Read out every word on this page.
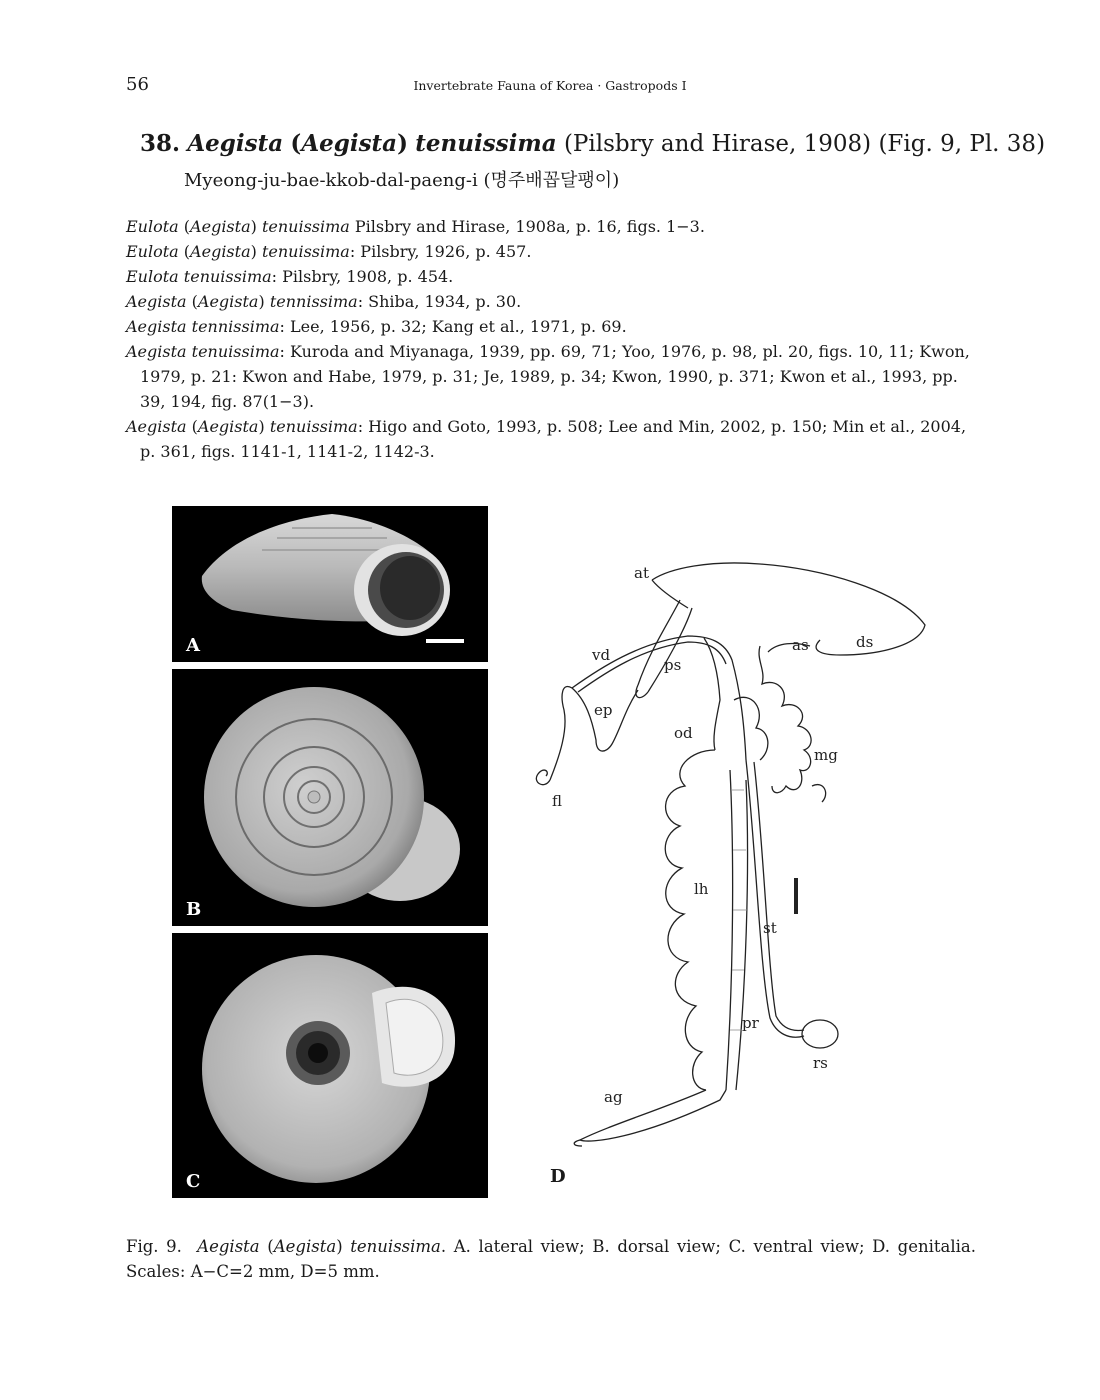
56	Invertebrate Fauna of Korea · Gastropods I
38. Aegista (Aegista) tenuissima (Pilsbry and Hirase, 1908) (Fig. 9, Pl. 38)
Myeong-ju-bae-kkob-dal-paeng-i (명주배꼽달팽이)

Eulota (Aegista) tenuissima Pilsbry and Hirase, 1908a, p. 16, figs. 1−3.

Eulota (Aegista) tenuissima: Pilsbry, 1926, p. 457.

Eulota tenuissima: Pilsbry, 1908, p. 454.

Aegista (Aegista) tennissima: Shiba, 1934, p. 30.

Aegista tennissima: Lee, 1956, p. 32; Kang et al., 1971, p. 69.

Aegista tenuissima: Kuroda and Miyanaga, 1939, pp. 69, 71; Yoo, 1976, p. 98, pl. 20, figs. 10, 11; Kwon, 1979, p. 21: Kwon and Habe, 1979, p. 31; Je, 1989, p. 34; Kwon, 1990, p. 371; Kwon et al., 1993, pp. 39, 194, fig. 87(1−3).

Aegista (Aegista) tenuissima: Higo and Goto, 1993, p. 508; Lee and Min, 2002, p. 150; Min et al., 2004, p. 361, figs. 1141-1, 1141-2, 1142-3.

A
B
C
at
vd
ps
as	ds
ep
od
mg
fl
lh
st
pr
rs
ag
D
Fig. 9. Aegista (Aegista) tenuissima. A. lateral view; B. dorsal view; C. ventral view; D. genitalia. Scales: A−C=2 mm, D=5 mm.
